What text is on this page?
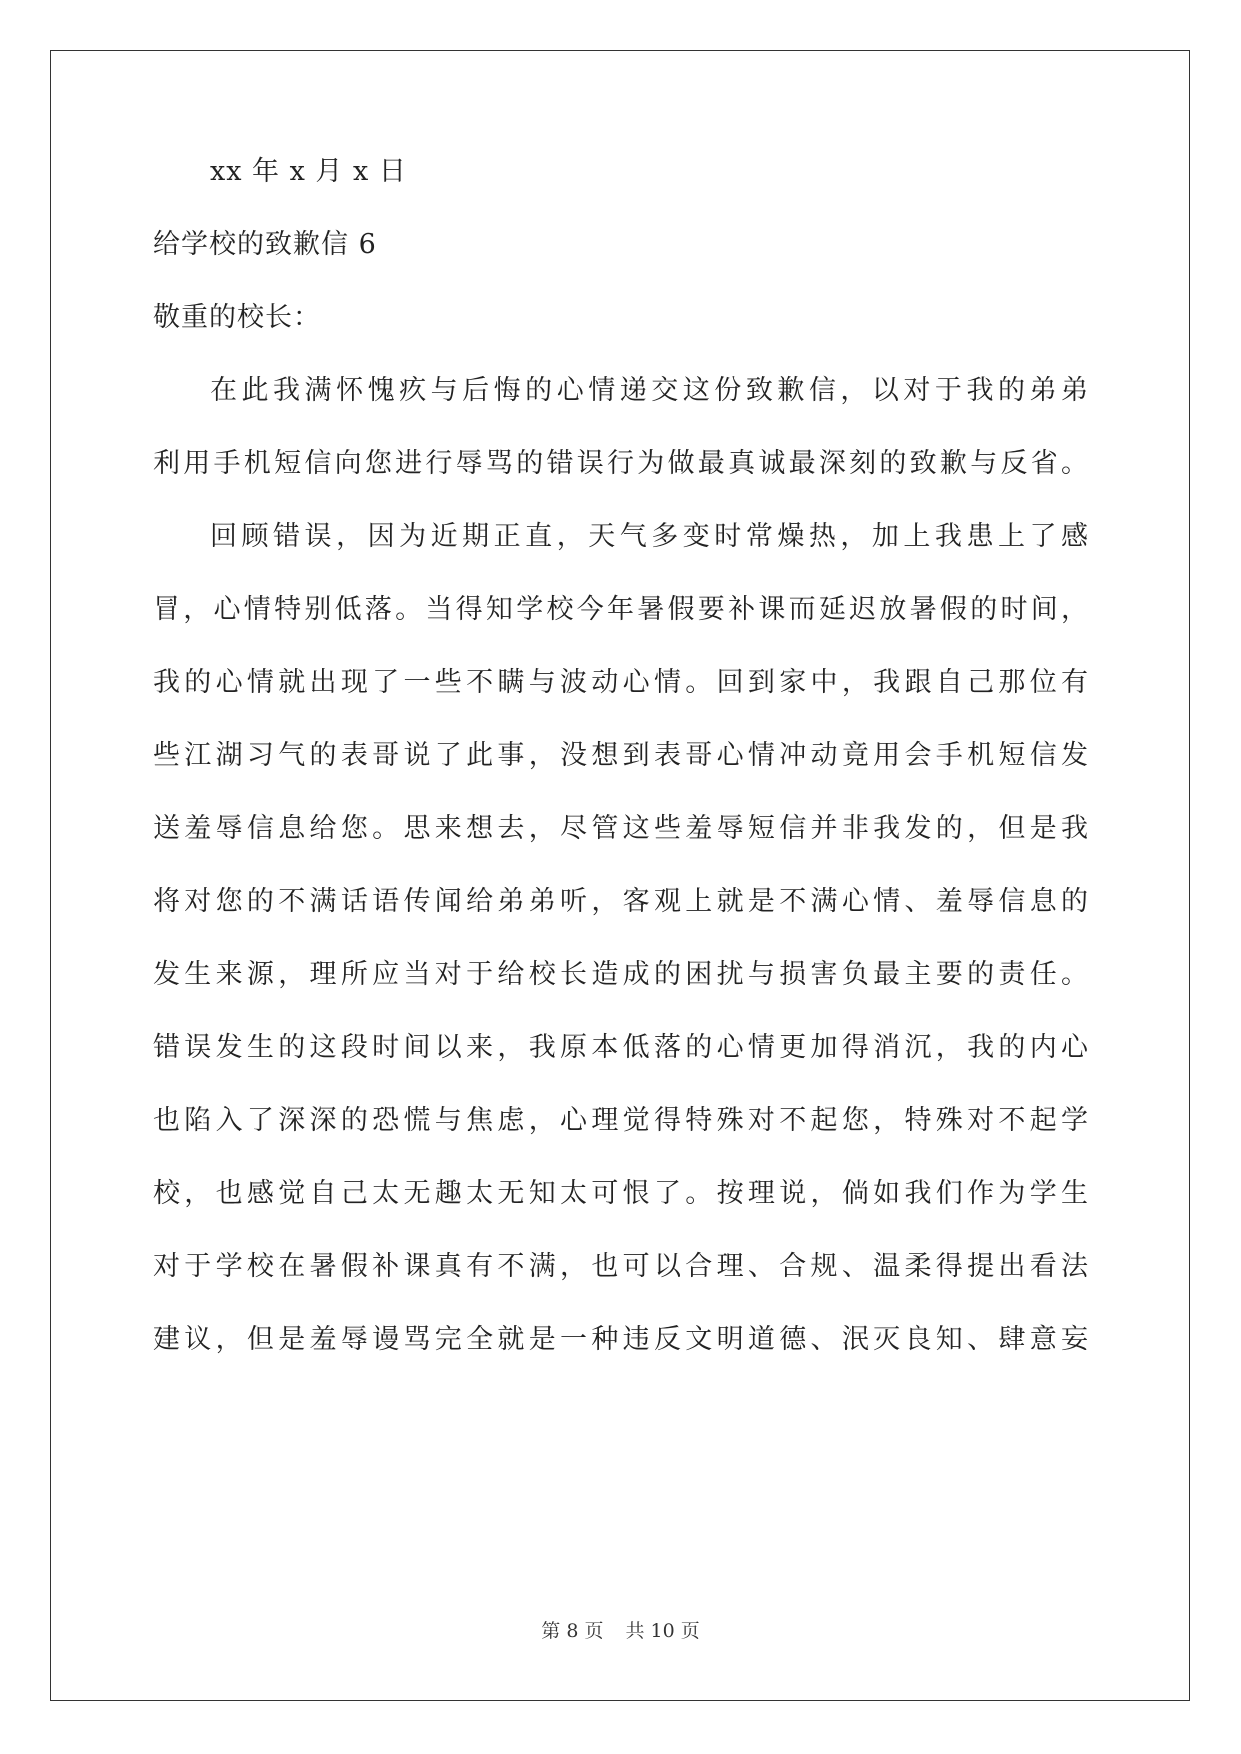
xx 年 x 月 x 日
给学校的致歉信 6
敬重的校长：
在此我满怀愧疚与后悔的心情递交这份致歉信，以对于我的弟弟
利用手机短信向您进行辱骂的错误行为做最真诚最深刻的致歉与反省。
回顾错误，因为近期正直，天气多变时常燥热，加上我患上了感
冒，心情特别低落。当得知学校今年暑假要补课而延迟放暑假的时间，
我的心情就出现了一些不瞒与波动心情。回到家中，我跟自己那位有
些江湖习气的表哥说了此事，没想到表哥心情冲动竟用会手机短信发
送羞辱信息给您。思来想去，尽管这些羞辱短信并非我发的，但是我
将对您的不满话语传闻给弟弟听，客观上就是不满心情、羞辱信息的
发生来源，理所应当对于给校长造成的困扰与损害负最主要的责任。
错误发生的这段时间以来，我原本低落的心情更加得消沉，我的内心
也陷入了深深的恐慌与焦虑，心理觉得特殊对不起您，特殊对不起学
校，也感觉自己太无趣太无知太可恨了。按理说，倘如我们作为学生
对于学校在暑假补课真有不满，也可以合理、合规、温柔得提出看法
建议，但是羞辱谩骂完全就是一种违反文明道德、泯灭良知、肆意妄
第 8 页 共 10 页
